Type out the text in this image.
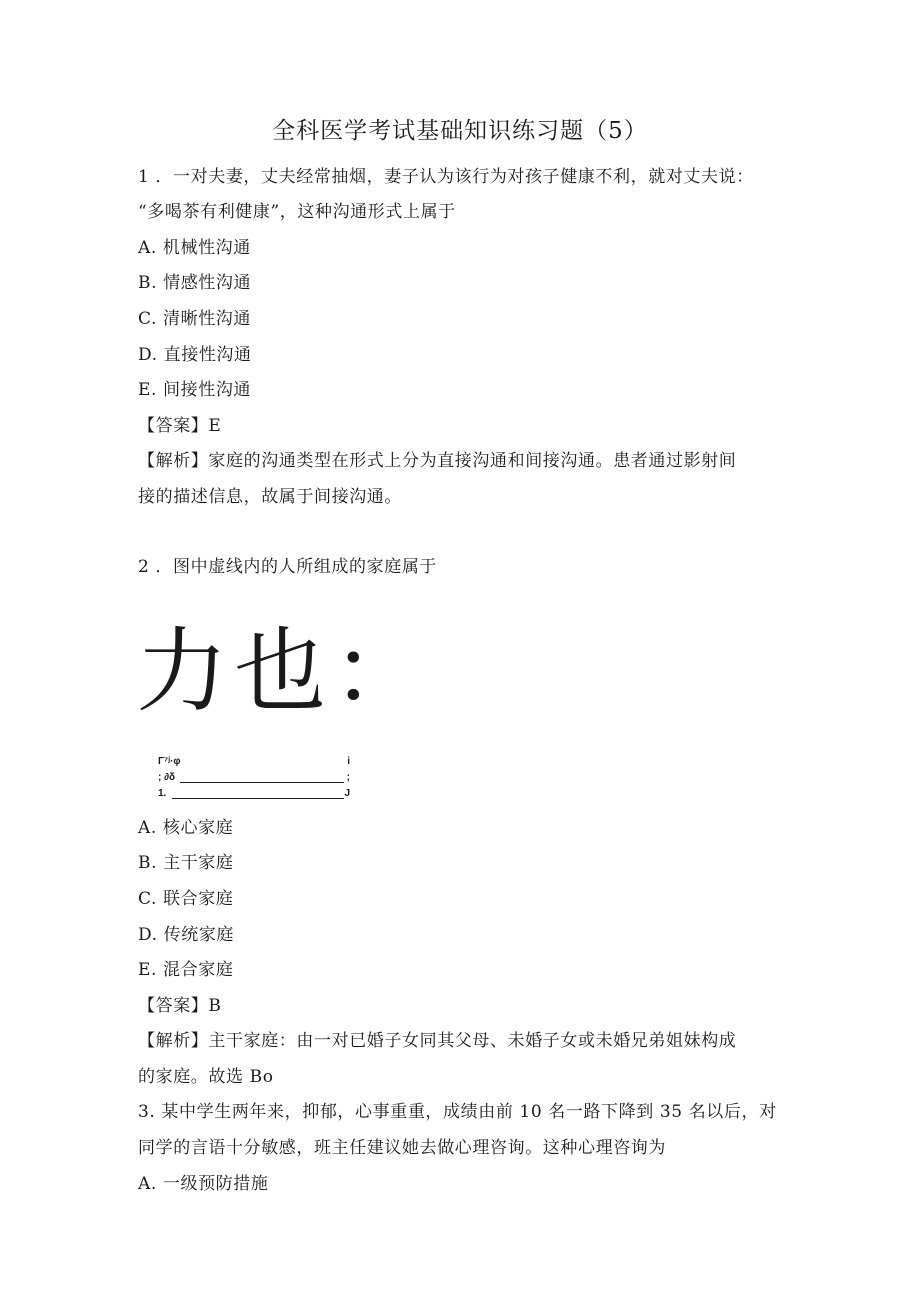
全科医学考试基础知识练习题（5）
1 ．一对夫妻，丈夫经常抽烟，妻子认为该行为对孩子健康不利，就对丈夫说：
“多喝茶有利健康”，这种沟通形式上属于
A. 机械性沟通
B. 情感性沟通
C. 清晰性沟通
D. 直接性沟通
E. 间接性沟通
【答案】E
【解析】家庭的沟通类型在形式上分为直接沟通和间接沟通。患者通过影射间
接的描述信息，故属于间接沟通。
2 ．图中虚线内的人所组成的家庭属于
力也：
Γ⁷ʲ·φ	i
; ∂δ	;
1.	J
A. 核心家庭
B. 主干家庭
C. 联合家庭
D. 传统家庭
E. 混合家庭
【答案】B
【解析】主干家庭：由一对已婚子女同其父母、未婚子女或未婚兄弟姐妹构成
的家庭。故选 Bo
3. 某中学生两年来，抑郁，心事重重，成绩由前 10 名一路下降到 35 名以后，对
同学的言语十分敏感，班主任建议她去做心理咨询。这种心理咨询为
A. 一级预防措施
